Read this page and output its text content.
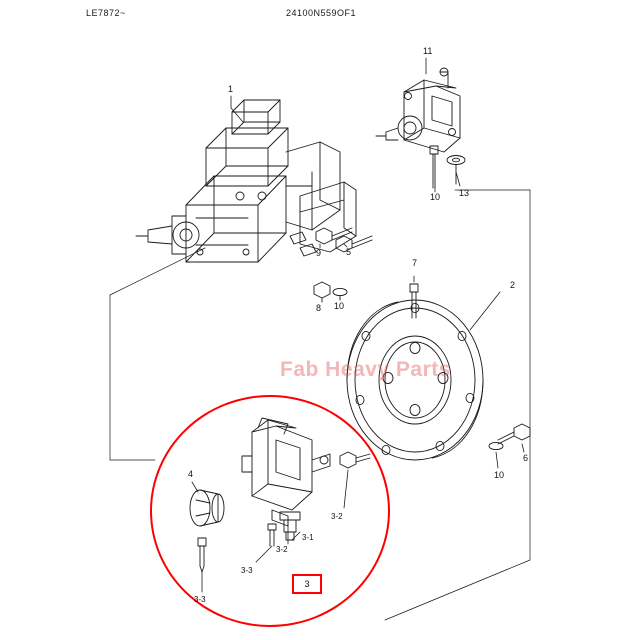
LE7872~	24100N559OF1
Fab Heavy Parts
3
1
11
10 13
9	5
7
2
8 10
6
10
4
3-2
3-1
3-2
3-3
3-3
